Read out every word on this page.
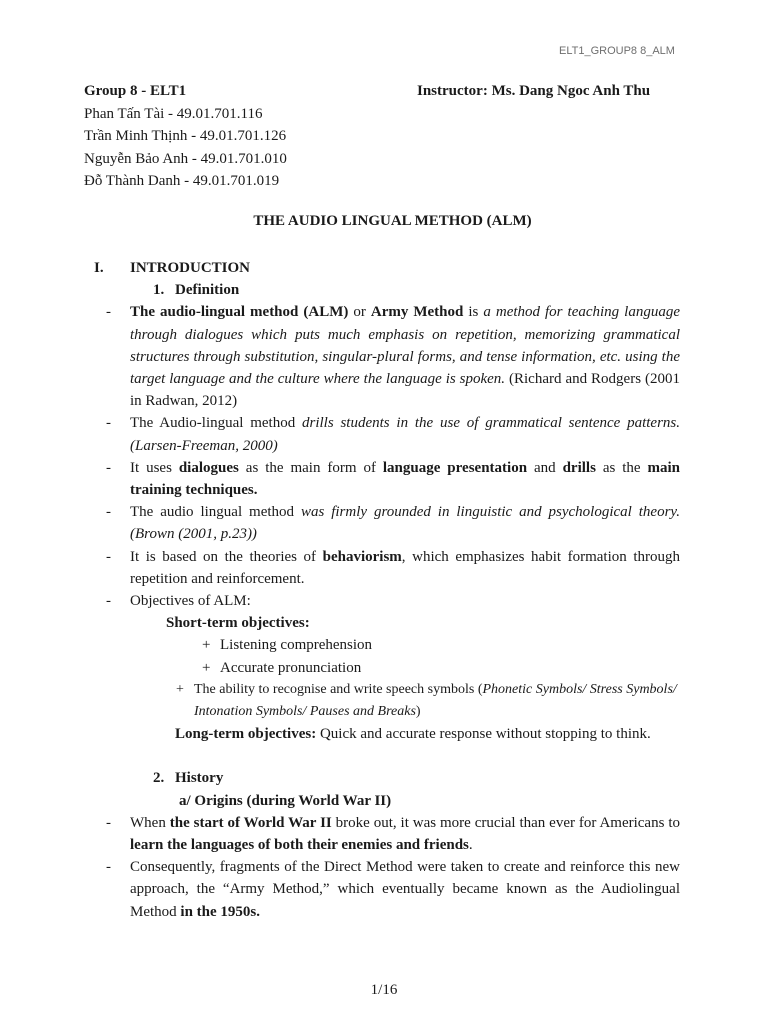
ELT1_GROUP8 8_ALM
Group 8 - ELT1
Phan Tấn Tài - 49.01.701.116
Trần Minh Thịnh - 49.01.701.126
Nguyễn Bảo Anh - 49.01.701.010
Đỗ Thành Danh - 49.01.701.019
Instructor: Ms. Dang Ngoc Anh Thu
THE AUDIO LINGUAL METHOD (ALM)
I. INTRODUCTION
1. Definition
- The audio-lingual method (ALM) or Army Method is a method for teaching language through dialogues which puts much emphasis on repetition, memorizing grammatical structures through substitution, singular-plural forms, and tense information, etc. using the target language and the culture where the language is spoken. (Richard and Rodgers (2001 in Radwan, 2012)
- The Audio-lingual method drills students in the use of grammatical sentence patterns. (Larsen-Freeman, 2000)
- It uses dialogues as the main form of language presentation and drills as the main training techniques.
- The audio lingual method was firmly grounded in linguistic and psychological theory. (Brown (2001, p.23))
- It is based on the theories of behaviorism, which emphasizes habit formation through repetition and reinforcement.
- Objectives of ALM:
Short-term objectives:
+ Listening comprehension
+ Accurate pronunciation
+ The ability to recognise and write speech symbols (Phonetic Symbols/ Stress Symbols/ Intonation Symbols/ Pauses and Breaks)
Long-term objectives: Quick and accurate response without stopping to think.
2. History
a/ Origins (during World War II)
- When the start of World War II broke out, it was more crucial than ever for Americans to learn the languages of both their enemies and friends.
- Consequently, fragments of the Direct Method were taken to create and reinforce this new approach, the “Army Method,” which eventually became known as the Audiolingual Method in the 1950s.
1/16
